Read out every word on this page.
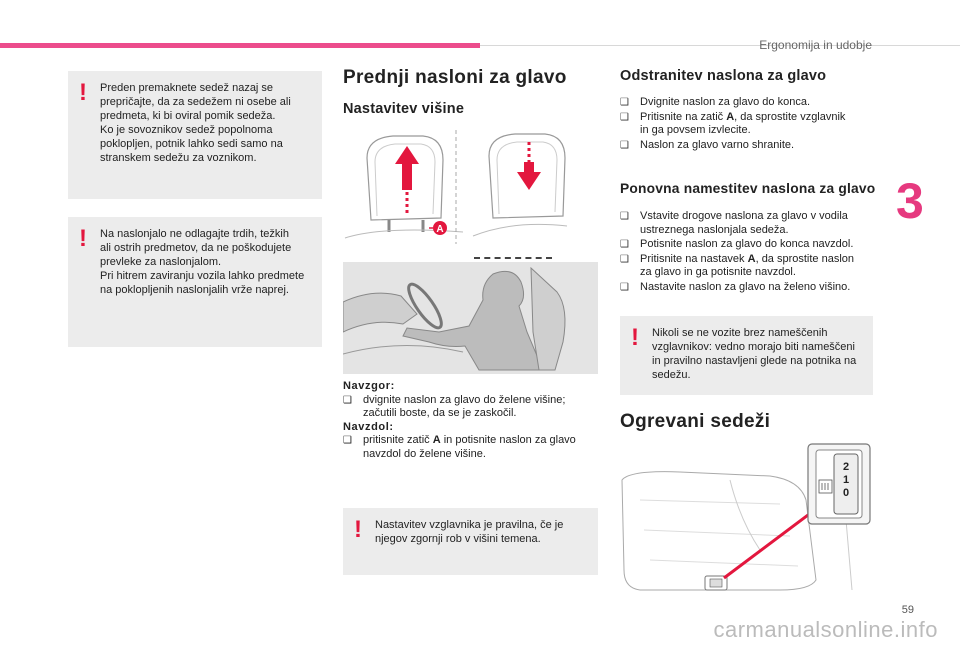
Ergonomija in udobje
3
59
carmanualsonline.info
! Preden premaknete sedež nazaj se
prepričajte, da za sedežem ni osebe ali
predmeta, ki bi oviral pomik sedeža.
Ko je sovoznikov sedež popolnoma
poklopljen, potnik lahko sedi samo na
stranskem sedežu za voznikom.

! Na naslonjalo ne odlagajte trdih, težkih
ali ostrih predmetov, da ne poškodujete
prevleke za naslonjalom.
Pri hitrem zaviranju vozila lahko predmete
na poklopljenih naslonjalih vrže naprej.

Prednji nasloni za glavo
Nastavitev višine
A
Navzgor:
❑ dvignite naslon za glavo do želene višine;
začutili boste, da se je zaskočil.
Navzdol:
❑ pritisnite zatič A in potisnite naslon za glavo
navzdol do želene višine.
! Nastavitev vzglavnika je pravilna, če je
njegov zgornji rob v višini temena.

Odstranitev naslona za glavo
❑ Dvignite naslon za glavo do konca.
❑ Pritisnite na zatič A, da sprostite vzglavnik
in ga povsem izvlecite.
❑ Naslon za glavo varno shranite.
Ponovna namestitev naslona za glavo
❑ Vstavite drogove naslona za glavo v vodila
ustreznega naslonjala sedeža.
❑ Potisnite naslon za glavo do konca navzdol.
❑ Pritisnite na nastavek A, da sprostite naslon
za glavo in ga potisnite navzdol.
❑ Nastavite naslon za glavo na želeno višino.
! Nikoli se ne vozite brez nameščenih
vzglavnikov: vedno morajo biti nameščeni
in pravilno nastavljeni glede na potnika na
sedežu.

Ogrevani sedeži
2
1
0
